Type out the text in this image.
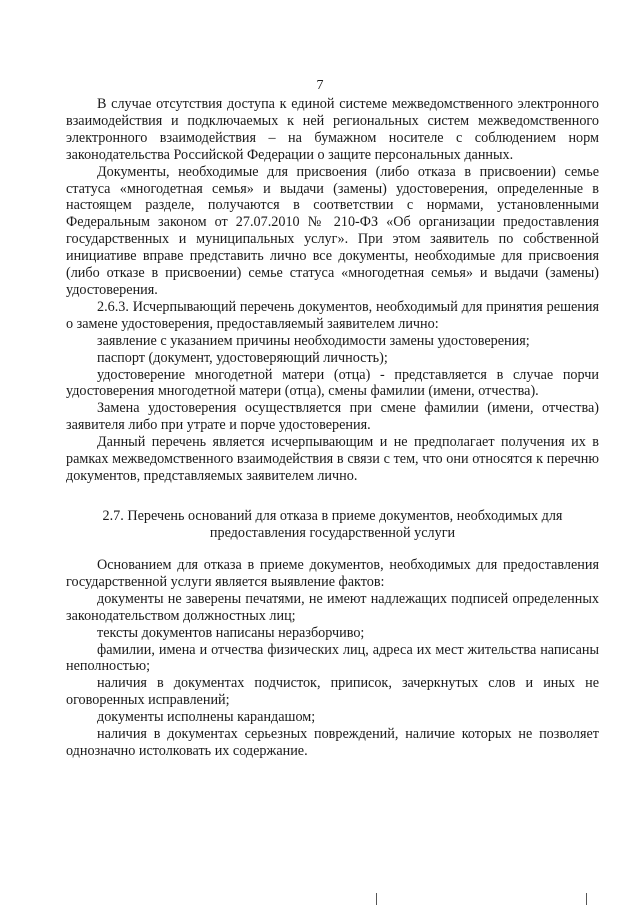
7

В случае отсутствия доступа к единой системе межведомственного электронного взаимодействия и подключаемых к ней региональных систем межведомственного электронного взаимодействия – на бумажном носителе с соблюдением норм законодательства Российской Федерации о защите персональных данных.

Документы, необходимые для присвоения (либо отказа в присвоении) семье статуса «многодетная семья» и выдачи (замены) удостоверения, определенные в настоящем разделе, получаются в соответствии с нормами, установленными Федеральным законом от 27.07.2010 № 210-ФЗ «Об организации предоставления государственных и муниципальных услуг». При этом заявитель по собственной инициативе вправе представить лично все документы, необходимые для присвоения (либо отказе в присвоении) семье статуса «многодетная семья» и выдачи (замены) удостоверения.

2.6.3. Исчерпывающий перечень документов, необходимый для принятия решения о замене удостоверения, предоставляемый заявителем лично:

заявление с указанием причины необходимости замены удостоверения;

паспорт (документ, удостоверяющий личность);

удостоверение многодетной матери (отца) - представляется в случае порчи удостоверения многодетной матери (отца), смены фамилии (имени, отчества).

Замена удостоверения осуществляется при смене фамилии (имени, отчества) заявителя либо при утрате и порче удостоверения.

Данный перечень является исчерпывающим и не предполагает получения их в рамках межведомственного взаимодействия в связи с тем, что они относятся к перечню документов, представляемых заявителем лично.

2.7. Перечень оснований для отказа в приеме документов, необходимых для
предоставления государственной услуги

Основанием для отказа в приеме документов, необходимых для предоставления государственной услуги является выявление фактов:

документы не заверены печатями, не имеют надлежащих подписей определенных законодательством должностных лиц;

тексты документов написаны неразборчиво;

фамилии, имена и отчества физических лиц, адреса их мест жительства написаны неполностью;

наличия в документах подчисток, приписок, зачеркнутых слов и иных не оговоренных исправлений;

документы исполнены карандашом;

наличия в документах серьезных повреждений, наличие которых не позволяет однозначно истолковать их содержание.
